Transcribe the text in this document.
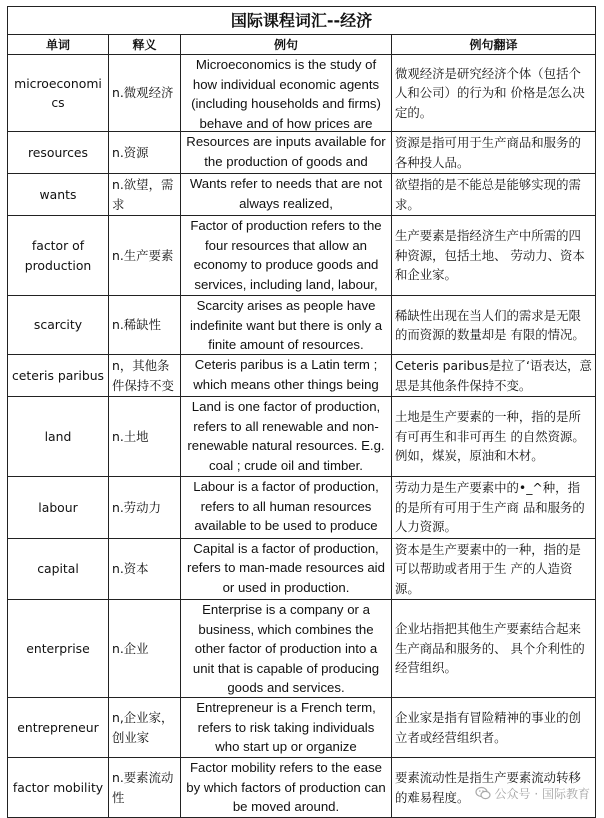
国际课程词汇--经济			
单词	释义	例句	例句翻译
microeconomics	n.微观经济	Microeconomics is the study of how individual economic agents (including households and firms) behave and of how prices are	微观经济是研究经济个体（包括个人和公司）的行为和 价格是怎么决定的。
resources	n.资源	Resources are inputs available for the production of goods and	资源是指可用于生产商品和服务的各种投人品。
wants	n.欲望，需求	Wants refer to needs that are not always realized,	欲望指的是不能总是能够实现的需求。
factor of production	n.生产要素	Factor of production refers to the four resources that allow an economy to produce goods and services, including land, labour,	生产要素是指经济生产中所需的四种资源，包括土地、 劳动力、资本和企业家。
scarcity	n.稀缺性	Scarcity arises as people have indefinite want but there is only a finite amount of resources.	稀缺性出现在当人们的需求是无限的而资源的数量却是 有限的情况。
ceteris paribus	n，其他条件保持不变	Ceteris paribus is a Latin term ; which means other things being	Ceteris paribus是拉了‘语表达，意思是其他条件保持不变。
land	n.土地	Land is one factor of production, refers to all renewable and non-renewable natural resources. E.g. coal ; crude oil and timber.	土地是生产要素的一种，指的是所有可再生和非可再生 的自然资源。例如，煤炭，原油和木材。
labour	n.劳动力	Labour is a factor of production, refers to all human resources available to be used to produce	劳动力是生产要素中的•_^种，指的是所有可用于生产商 品和服务的人力资源。
capital	n.资本	Capital is a factor of production, refers to man-made resources aid or used in production.	资本是生产要素中的一种，指的是可以帮助或者用于生 产的人造资源。
enterprise	n.企业	Enterprise is a company or a business, which combines the other factor of production into a unit that is capable of producing goods and services.	企业坫指把其他生产要素结合起来生产商品和服务的、 具个介利性的经营组织。
entrepreneur	n,企业家，创业家	Entrepreneur is a French term, refers to risk taking individuals who start up or organize	企业家是指有冒险精神的事业的创立者或经营组织者。
factor mobility	n.要素流动性	Factor mobility refers to the ease by which factors of production can be moved around.	要素流动性是指生产要素流动转移的难易程度。 公众号 · 国际教育
